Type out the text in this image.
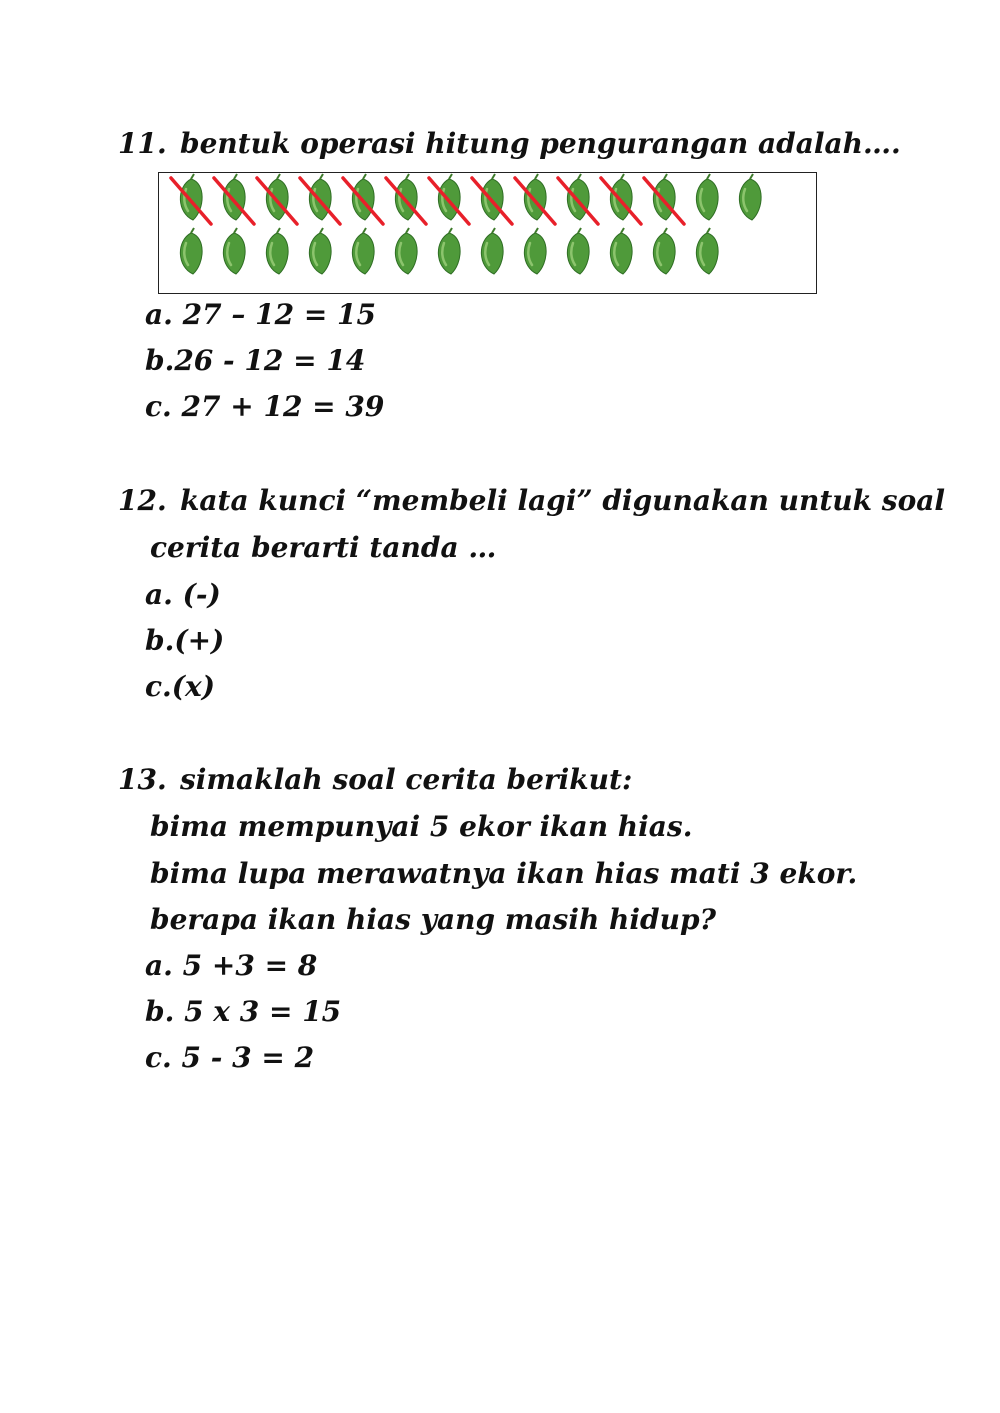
11. bentuk operasi hitung pengurangan adalah….
a. 27 – 12 = 15
b.26 - 12 = 14
c. 27 + 12 = 39
12. kata kunci “membeli lagi” digunakan untuk soal
cerita berarti tanda …
a. (-)
b.(+)
c.(x)
13. simaklah soal cerita berikut:
bima mempunyai 5 ekor ikan hias.
bima lupa merawatnya ikan hias mati 3 ekor.
berapa ikan hias yang masih hidup?
a. 5 +3 = 8
b. 5 x 3 = 15
c. 5 - 3 = 2
